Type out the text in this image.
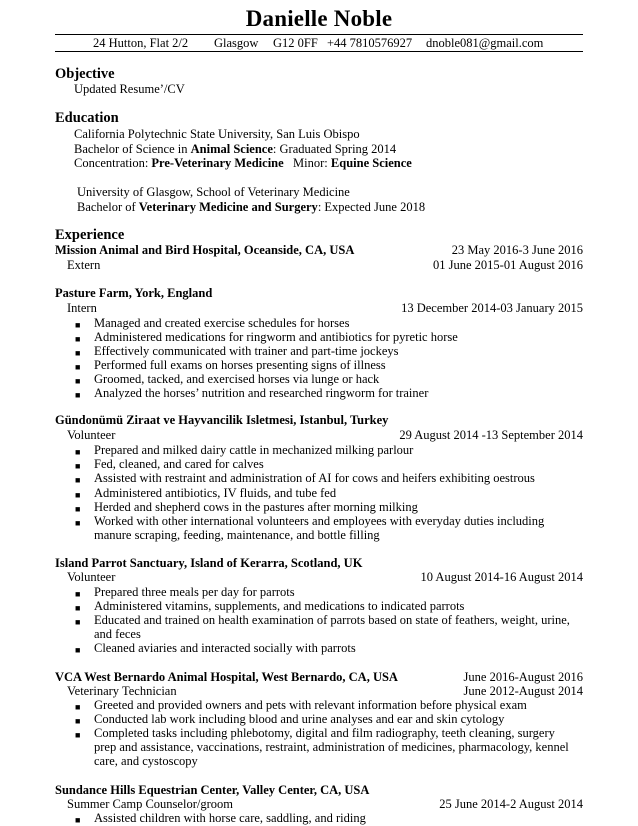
Danielle Noble
24 Hutton, Flat 2/2 Glasgow G12 0FF +44 7810576927 dnoble081@gmail.com
Objective
Updated Resume’/CV
Education
California Polytechnic State University, San Luis Obispo
Bachelor of Science in Animal Science: Graduated Spring 2014
Concentration: Pre-Veterinary Medicine   Minor: Equine Science
University of Glasgow, School of Veterinary Medicine
Bachelor of Veterinary Medicine and Surgery: Expected June 2018
Experience
Mission Animal and Bird Hospital, Oceanside, CA, USA	23 May 2016-3 June 2016
Extern	01 June 2015-01 August 2016
Pasture Farm, York, England
Intern	13 December 2014-03 January 2015
■ Managed and created exercise schedules for horses
■ Administered medications for ringworm and antibiotics for pyretic horse
■ Effectively communicated with trainer and part-time jockeys
■ Performed full exams on horses presenting signs of illness
■ Groomed, tacked, and exercised horses via lunge or hack
■ Analyzed the horses’ nutrition and researched ringworm for trainer
Gündonümü Ziraat ve Hayvancilik Isletmesi, Istanbul, Turkey
Volunteer	29 August 2014 -13 September 2014
■ Prepared and milked dairy cattle in mechanized milking parlour
■ Fed, cleaned, and cared for calves
■ Assisted with restraint and administration of AI for cows and heifers exhibiting oestrous
■ Administered antibiotics, IV fluids, and tube fed
■ Herded and shepherd cows in the pastures after morning milking
■ Worked with other international volunteers and employees with everyday duties including
manure scraping, feeding, maintenance, and bottle filling
Island Parrot Sanctuary, Island of Kerarra, Scotland, UK
Volunteer	10 August 2014-16 August 2014
■ Prepared three meals per day for parrots
■ Administered vitamins, supplements, and medications to indicated parrots
■ Educated and trained on health examination of parrots based on state of feathers, weight, urine,
and feces
■ Cleaned aviaries and interacted socially with parrots
VCA West Bernardo Animal Hospital, West Bernardo, CA, USA	June 2016-August 2016
Veterinary Technician	June 2012-August 2014
■ Greeted and provided owners and pets with relevant information before physical exam
■ Conducted lab work including blood and urine analyses and ear and skin cytology
■ Completed tasks including phlebotomy, digital and film radiography, teeth cleaning, surgery
prep and assistance, vaccinations, restraint, administration of medicines, pharmacology, kennel
care, and cystoscopy
Sundance Hills Equestrian Center, Valley Center, CA, USA
Summer Camp Counselor/groom	25 June 2014-2 August 2014
■ Assisted children with horse care, saddling, and riding
